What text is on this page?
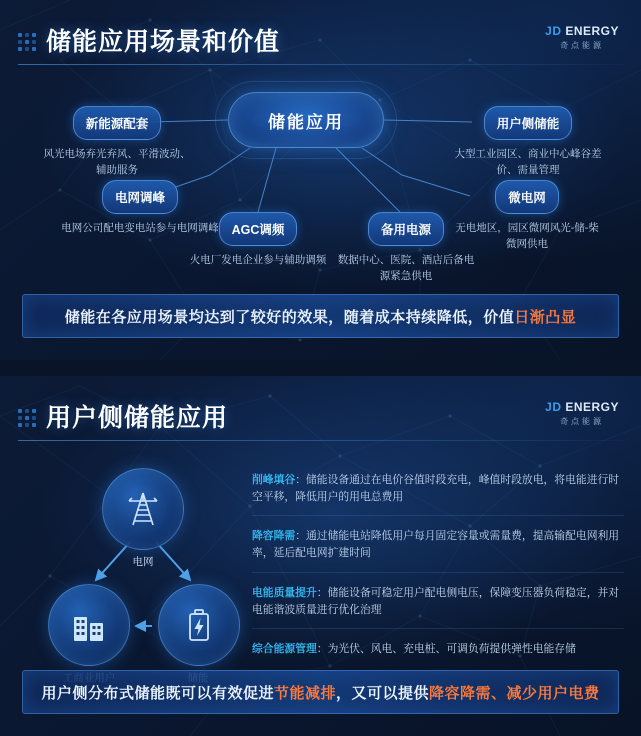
储能应用场景和价值	JD ENERGY
奇点能源
储能应用
新能源配套
风光电场弃光弃风、平滑波动、辅助服务
用户侧储能
大型工业园区、商业中心峰谷差价、需量管理
电网调峰
电网公司配电变电站参与电网调峰
微电网
无电地区，园区微网风光-储-柴微网供电
AGC调频
火电厂发电企业参与辅助调频
备用电源
数据中心、医院、酒店后备电源紧急供电
储能在各应用场景均达到了较好的效果，随着成本持续降低，价值 日渐凸显
用户侧储能应用	JD ENERGY
奇点能源
电网
削峰填谷：储能设备通过在电价谷值时段充电，峰值时段放电，将电能进行时空平移，降低用户的用电总费用
降容降需：通过储能电站降低用户每月固定容量或需量费，提高输配电网利用率，延后配电网扩建时间
电能质量提升：储能设备可稳定用户配电侧电压，保障变压器负荷稳定，并对电能谐波质量进行优化治理
综合能源管理：为光伏、风电、充电桩、可调负荷提供弹性电能存储
用户侧分布式储能既可以有效促进 节能减排 ，又可以提供 降容降需、减少用户电费
